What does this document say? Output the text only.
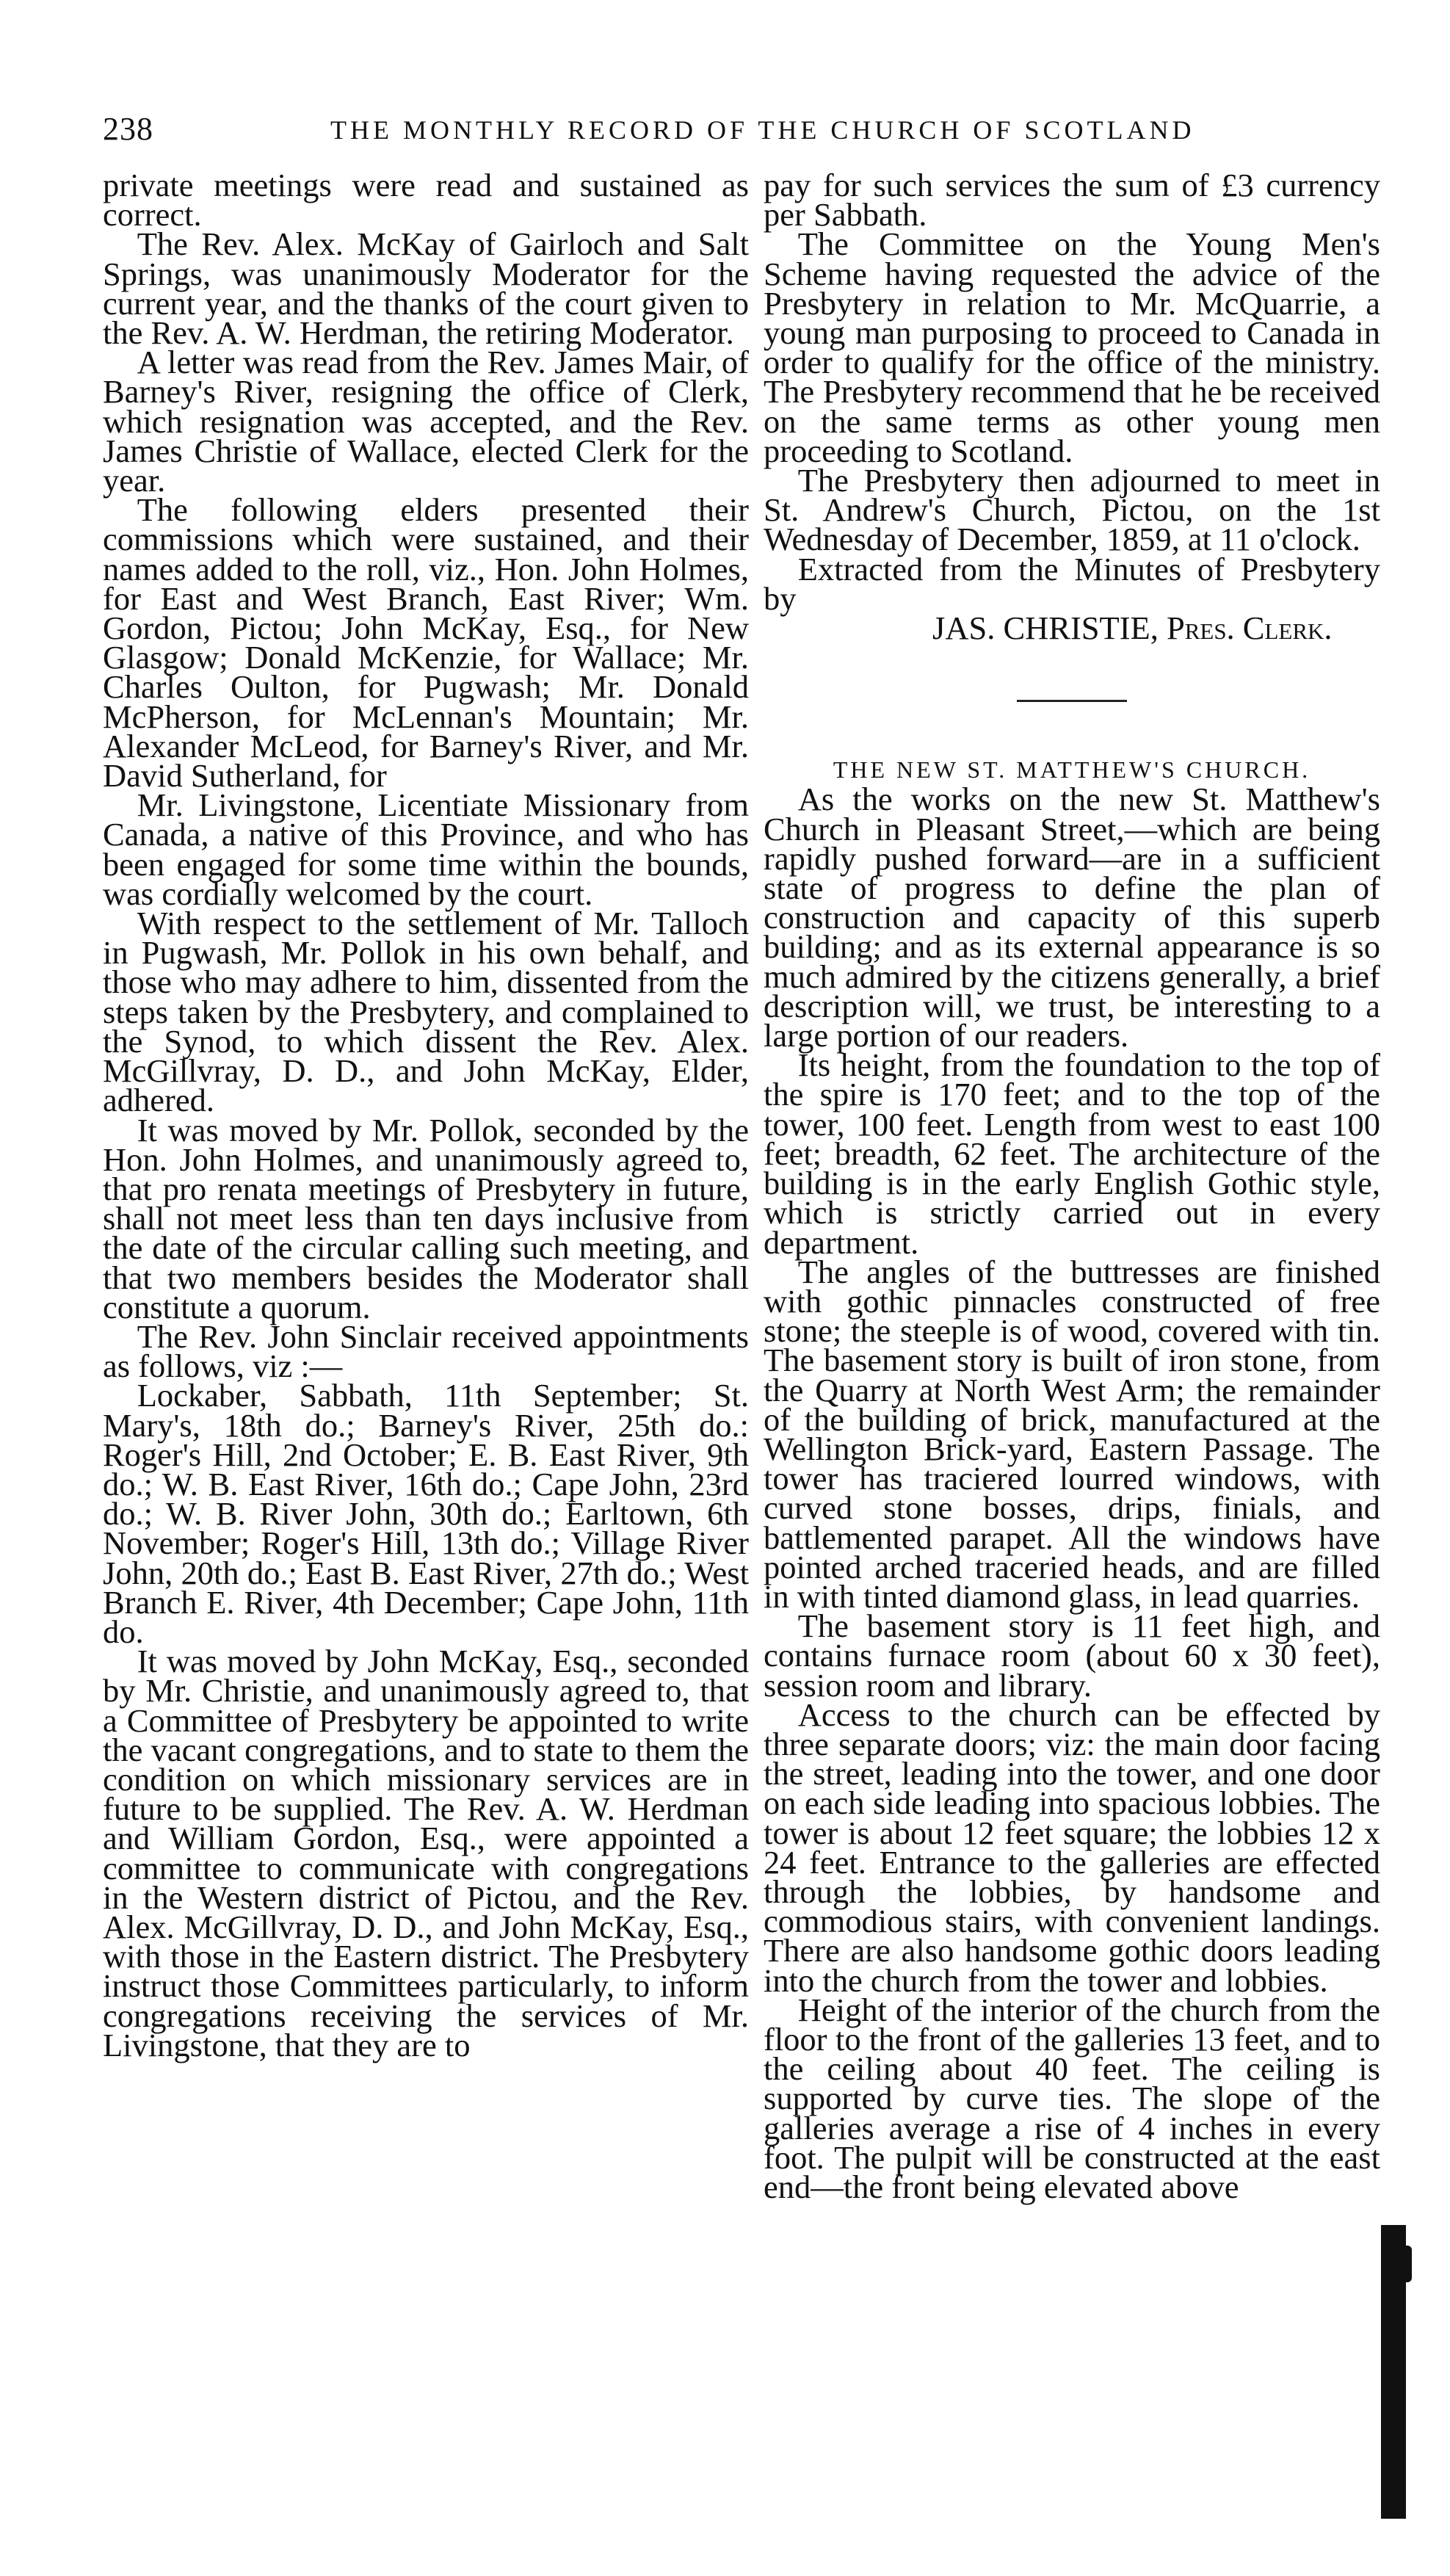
238	THE MONTHLY RECORD OF THE CHURCH OF SCOTLAND

private meetings were read and sustained as correct.

The Rev. Alex. McKay of Gairloch and Salt Springs, was unanimously Moderator for the current year, and the thanks of the court given to the Rev. A. W. Herdman, the retiring Moderator.

A letter was read from the Rev. James Mair, of Barney's River, resigning the office of Clerk, which resignation was accepted, and the Rev. James Christie of Wallace, elected Clerk for the year.

The following elders presented their commissions which were sustained, and their names added to the roll, viz., Hon. John Holmes, for East and West Branch, East River; Wm. Gordon, Pictou; John McKay, Esq., for New Glasgow; Donald McKenzie, for Wallace; Mr. Charles Oulton, for Pugwash; Mr. Donald McPherson, for McLennan's Mountain; Mr. Alexander McLeod, for Barney's River, and Mr. David Sutherland, for

Mr. Livingstone, Licentiate Missionary from Canada, a native of this Province, and who has been engaged for some time within the bounds, was cordially welcomed by the court.

With respect to the settlement of Mr. Talloch in Pugwash, Mr. Pollok in his own behalf, and those who may adhere to him, dissented from the steps taken by the Presbytery, and complained to the Synod, to which dissent the Rev. Alex. McGillvray, D. D., and John McKay, Elder, adhered.

It was moved by Mr. Pollok, seconded by the Hon. John Holmes, and unanimously agreed to, that pro renata meetings of Presbytery in future, shall not meet less than ten days inclusive from the date of the circular calling such meeting, and that two members besides the Moderator shall constitute a quorum.

The Rev. John Sinclair received appointments as follows, viz :—

Lockaber, Sabbath, 11th September; St. Mary's, 18th do.; Barney's River, 25th do.: Roger's Hill, 2nd October; E. B. East River, 9th do.; W. B. East River, 16th do.; Cape John, 23rd do.; W. B. River John, 30th do.; Earltown, 6th November; Roger's Hill, 13th do.; Village River John, 20th do.; East B. East River, 27th do.; West Branch E. River, 4th December; Cape John, 11th do.

It was moved by John McKay, Esq., seconded by Mr. Christie, and unanimously agreed to, that a Committee of Presbytery be appointed to write the vacant congregations, and to state to them the condition on which missionary services are in future to be supplied. The Rev. A. W. Herdman and William Gordon, Esq., were appointed a committee to communicate with congregations in the Western district of Pictou, and the Rev. Alex. McGillvray, D. D., and John McKay, Esq., with those in the Eastern district. The Presbytery instruct those Committees particularly, to inform congregations receiving the services of Mr. Livingstone, that they are to

pay for such services the sum of £3 currency per Sabbath.

The Committee on the Young Men's Scheme having requested the advice of the Presbytery in relation to Mr. McQuarrie, a young man purposing to proceed to Canada in order to qualify for the office of the ministry. The Presbytery recommend that he be received on the same terms as other young men proceeding to Scotland.

The Presbytery then adjourned to meet in St. Andrew's Church, Pictou, on the 1st Wednesday of December, 1859, at 11 o'clock.

Extracted from the Minutes of Presbytery by

JAS. CHRISTIE, Pres. Clerk.

THE NEW ST. MATTHEW'S CHURCH.

As the works on the new St. Matthew's Church in Pleasant Street,—which are being rapidly pushed forward—are in a sufficient state of progress to define the plan of construction and capacity of this superb building; and as its external appearance is so much admired by the citizens generally, a brief description will, we trust, be interesting to a large portion of our readers.

Its height, from the foundation to the top of the spire is 170 feet; and to the top of the tower, 100 feet. Length from west to east 100 feet; breadth, 62 feet. The architecture of the building is in the early English Gothic style, which is strictly carried out in every department.

The angles of the buttresses are finished with gothic pinnacles constructed of free stone; the steeple is of wood, covered with tin. The basement story is built of iron stone, from the Quarry at North West Arm; the remainder of the building of brick, manufactured at the Wellington Brick-yard, Eastern Passage. The tower has traciered lourred windows, with curved stone bosses, drips, finials, and battlemented parapet. All the windows have pointed arched traceried heads, and are filled in with tinted diamond glass, in lead quarries.

The basement story is 11 feet high, and contains furnace room (about 60 x 30 feet), session room and library.

Access to the church can be effected by three separate doors; viz: the main door facing the street, leading into the tower, and one door on each side leading into spacious lobbies. The tower is about 12 feet square; the lobbies 12 x 24 feet. Entrance to the galleries are effected through the lobbies, by handsome and commodious stairs, with convenient landings. There are also handsome gothic doors leading into the church from the tower and lobbies.

Height of the interior of the church from the floor to the front of the galleries 13 feet, and to the ceiling about 40 feet. The ceiling is supported by curve ties. The slope of the galleries average a rise of 4 inches in every foot. The pulpit will be constructed at the east end—the front being elevated above
